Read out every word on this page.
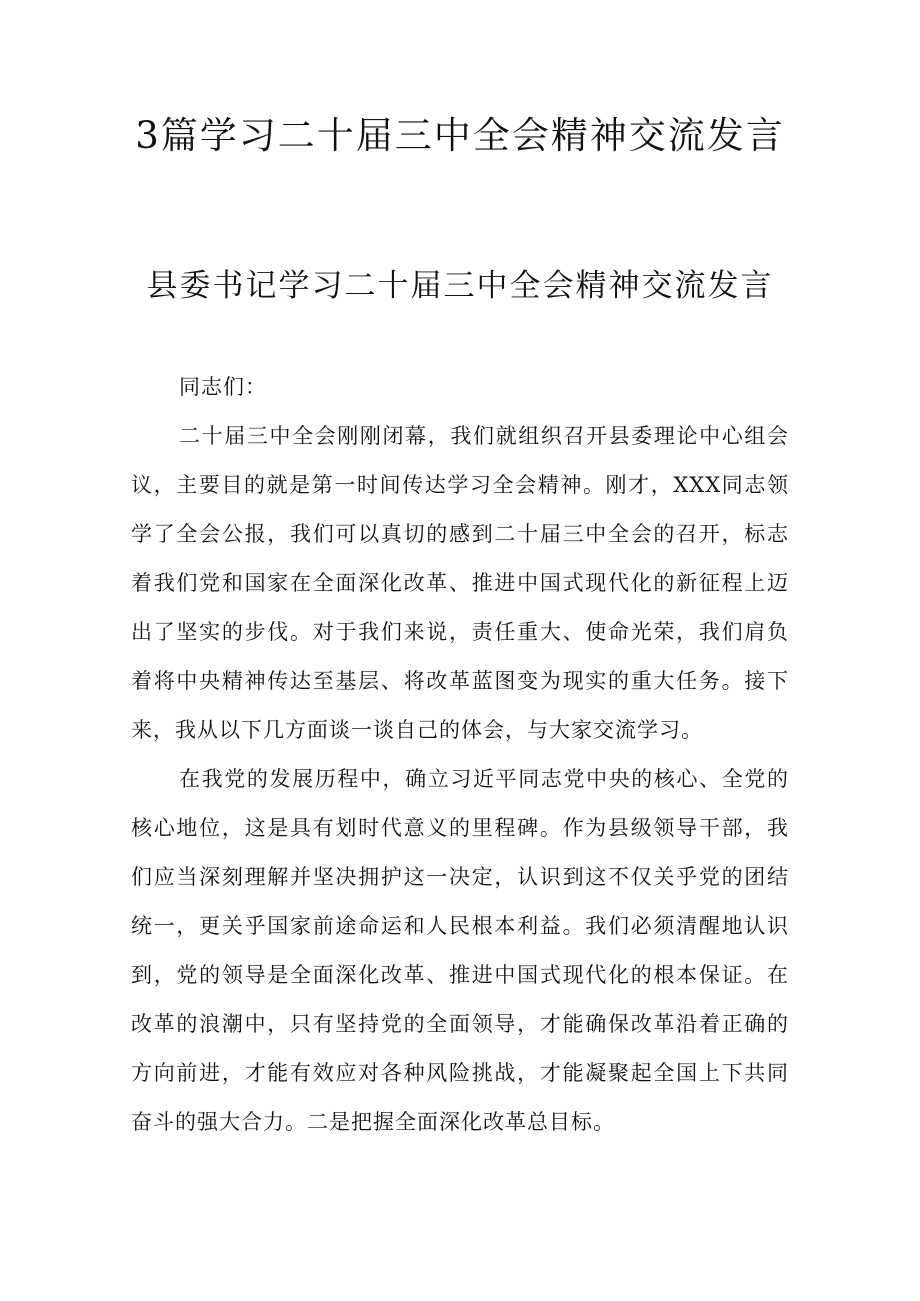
3篇学习二十届三中全会精神交流发言
县委书记学习二十届三中全会精神交流发言

同志们：

二十届三中全会刚刚闭幕，我们就组织召开县委理论中心组会议，主要目的就是第一时间传达学习全会精神。刚才，XXX同志领学了全会公报，我们可以真切的感到二十届三中全会的召开，标志着我们党和国家在全面深化改革、推进中国式现代化的新征程上迈出了坚实的步伐。对于我们来说，责任重大、使命光荣，我们肩负着将中央精神传达至基层、将改革蓝图变为现实的重大任务。接下来，我从以下几方面谈一谈自己的体会，与大家交流学习。

在我党的发展历程中，确立习近平同志党中央的核心、全党的核心地位，这是具有划时代意义的里程碑。作为县级领导干部，我们应当深刻理解并坚决拥护这一决定，认识到这不仅关乎党的团结统一，更关乎国家前途命运和人民根本利益。我们必须清醒地认识到，党的领导是全面深化改革、推进中国式现代化的根本保证。在改革的浪潮中，只有坚持党的全面领导，才能确保改革沿着正确的方向前进，才能有效应对各种风险挑战，才能凝聚起全国上下共同奋斗的强大合力。二是把握全面深化改革总目标。
